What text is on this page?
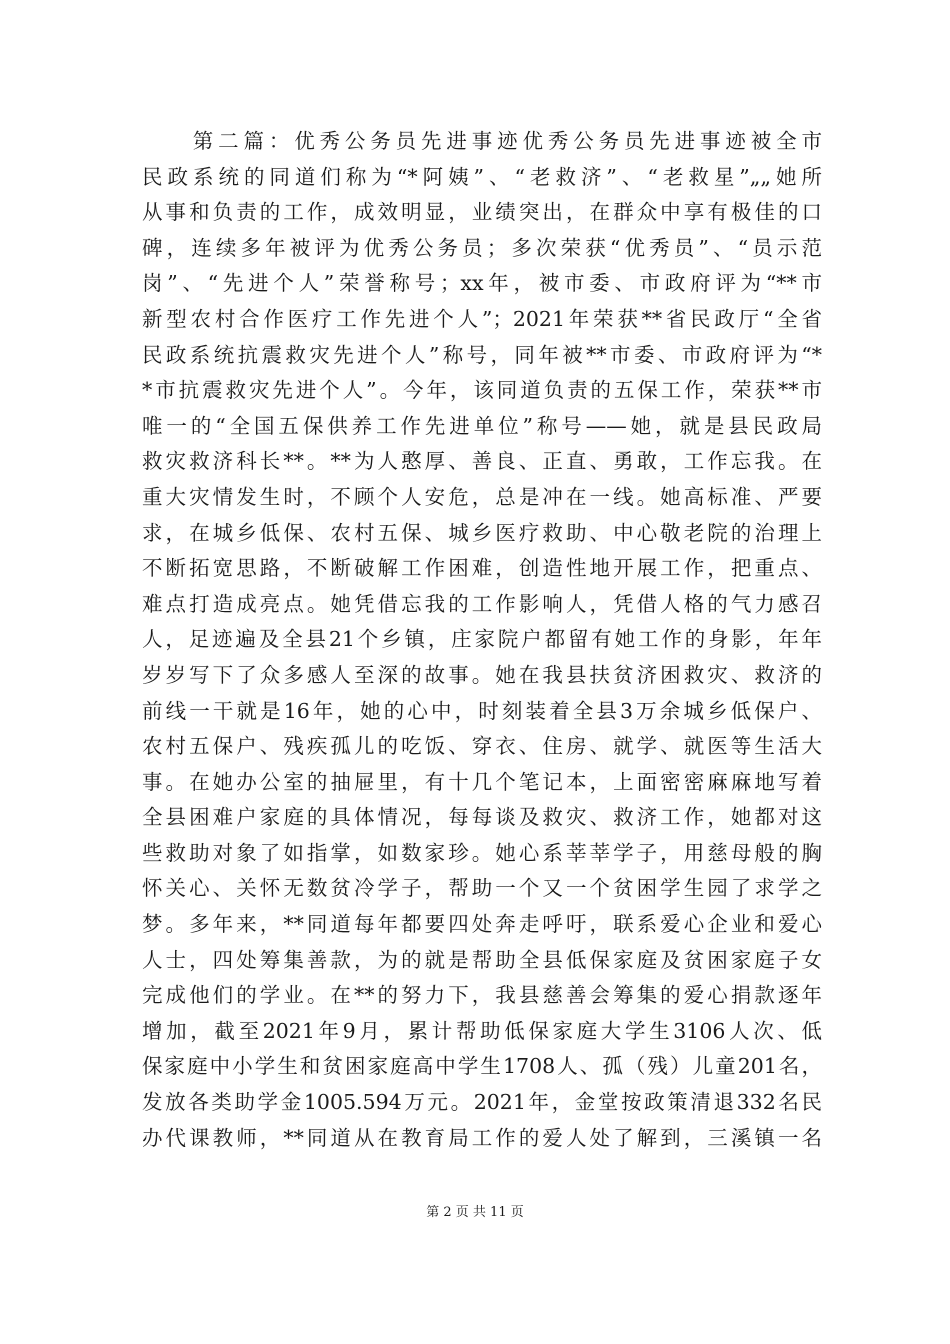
　　第二篇：优秀公务员先进事迹优秀公务员先进事迹被全市
民政系统的同道们称为“*阿姨”、“老救济”、“老救星”„„她所
从事和负责的工作，成效明显，业绩突出，在群众中享有极佳的口
碑，连续多年被评为优秀公务员；多次荣获“优秀员”、“员示范
岗”、“先进个人”荣誉称号；xx年，被市委、市政府评为“**市
新型农村合作医疗工作先进个人”；2021年荣获**省民政厅“全省
民政系统抗震救灾先进个人”称号，同年被**市委、市政府评为“*
*市抗震救灾先进个人”。今年，该同道负责的五保工作，荣获**市
唯一的“全国五保供养工作先进单位”称号——她，就是县民政局
救灾救济科长**。**为人憨厚、善良、正直、勇敢，工作忘我。在
重大灾情发生时，不顾个人安危，总是冲在一线。她高标准、严要
求，在城乡低保、农村五保、城乡医疗救助、中心敬老院的治理上
不断拓宽思路，不断破解工作困难，创造性地开展工作，把重点、
难点打造成亮点。她凭借忘我的工作影响人，凭借人格的气力感召
人，足迹遍及全县21个乡镇，庄家院户都留有她工作的身影，年年
岁岁写下了众多感人至深的故事。她在我县扶贫济困救灾、救济的
前线一干就是16年，她的心中，时刻装着全县3万余城乡低保户、
农村五保户、残疾孤儿的吃饭、穿衣、住房、就学、就医等生活大
事。在她办公室的抽屉里，有十几个笔记本，上面密密麻麻地写着
全县困难户家庭的具体情况，每每谈及救灾、救济工作，她都对这
些救助对象了如指掌，如数家珍。她心系莘莘学子，用慈母般的胸
怀关心、关怀无数贫冷学子，帮助一个又一个贫困学生园了求学之
梦。多年来，**同道每年都要四处奔走呼吁，联系爱心企业和爱心
人士，四处筹集善款，为的就是帮助全县低保家庭及贫困家庭子女
完成他们的学业。在**的努力下，我县慈善会筹集的爱心捐款逐年
增加，截至2021年9月，累计帮助低保家庭大学生3106人次、低
保家庭中小学生和贫困家庭高中学生1708人、孤（残）儿童201名，
发放各类助学金1005.594万元。2021年，金堂按政策清退332名民
办代课教师，**同道从在教育局工作的爱人处了解到，三溪镇一名
第 2 页 共 11 页
